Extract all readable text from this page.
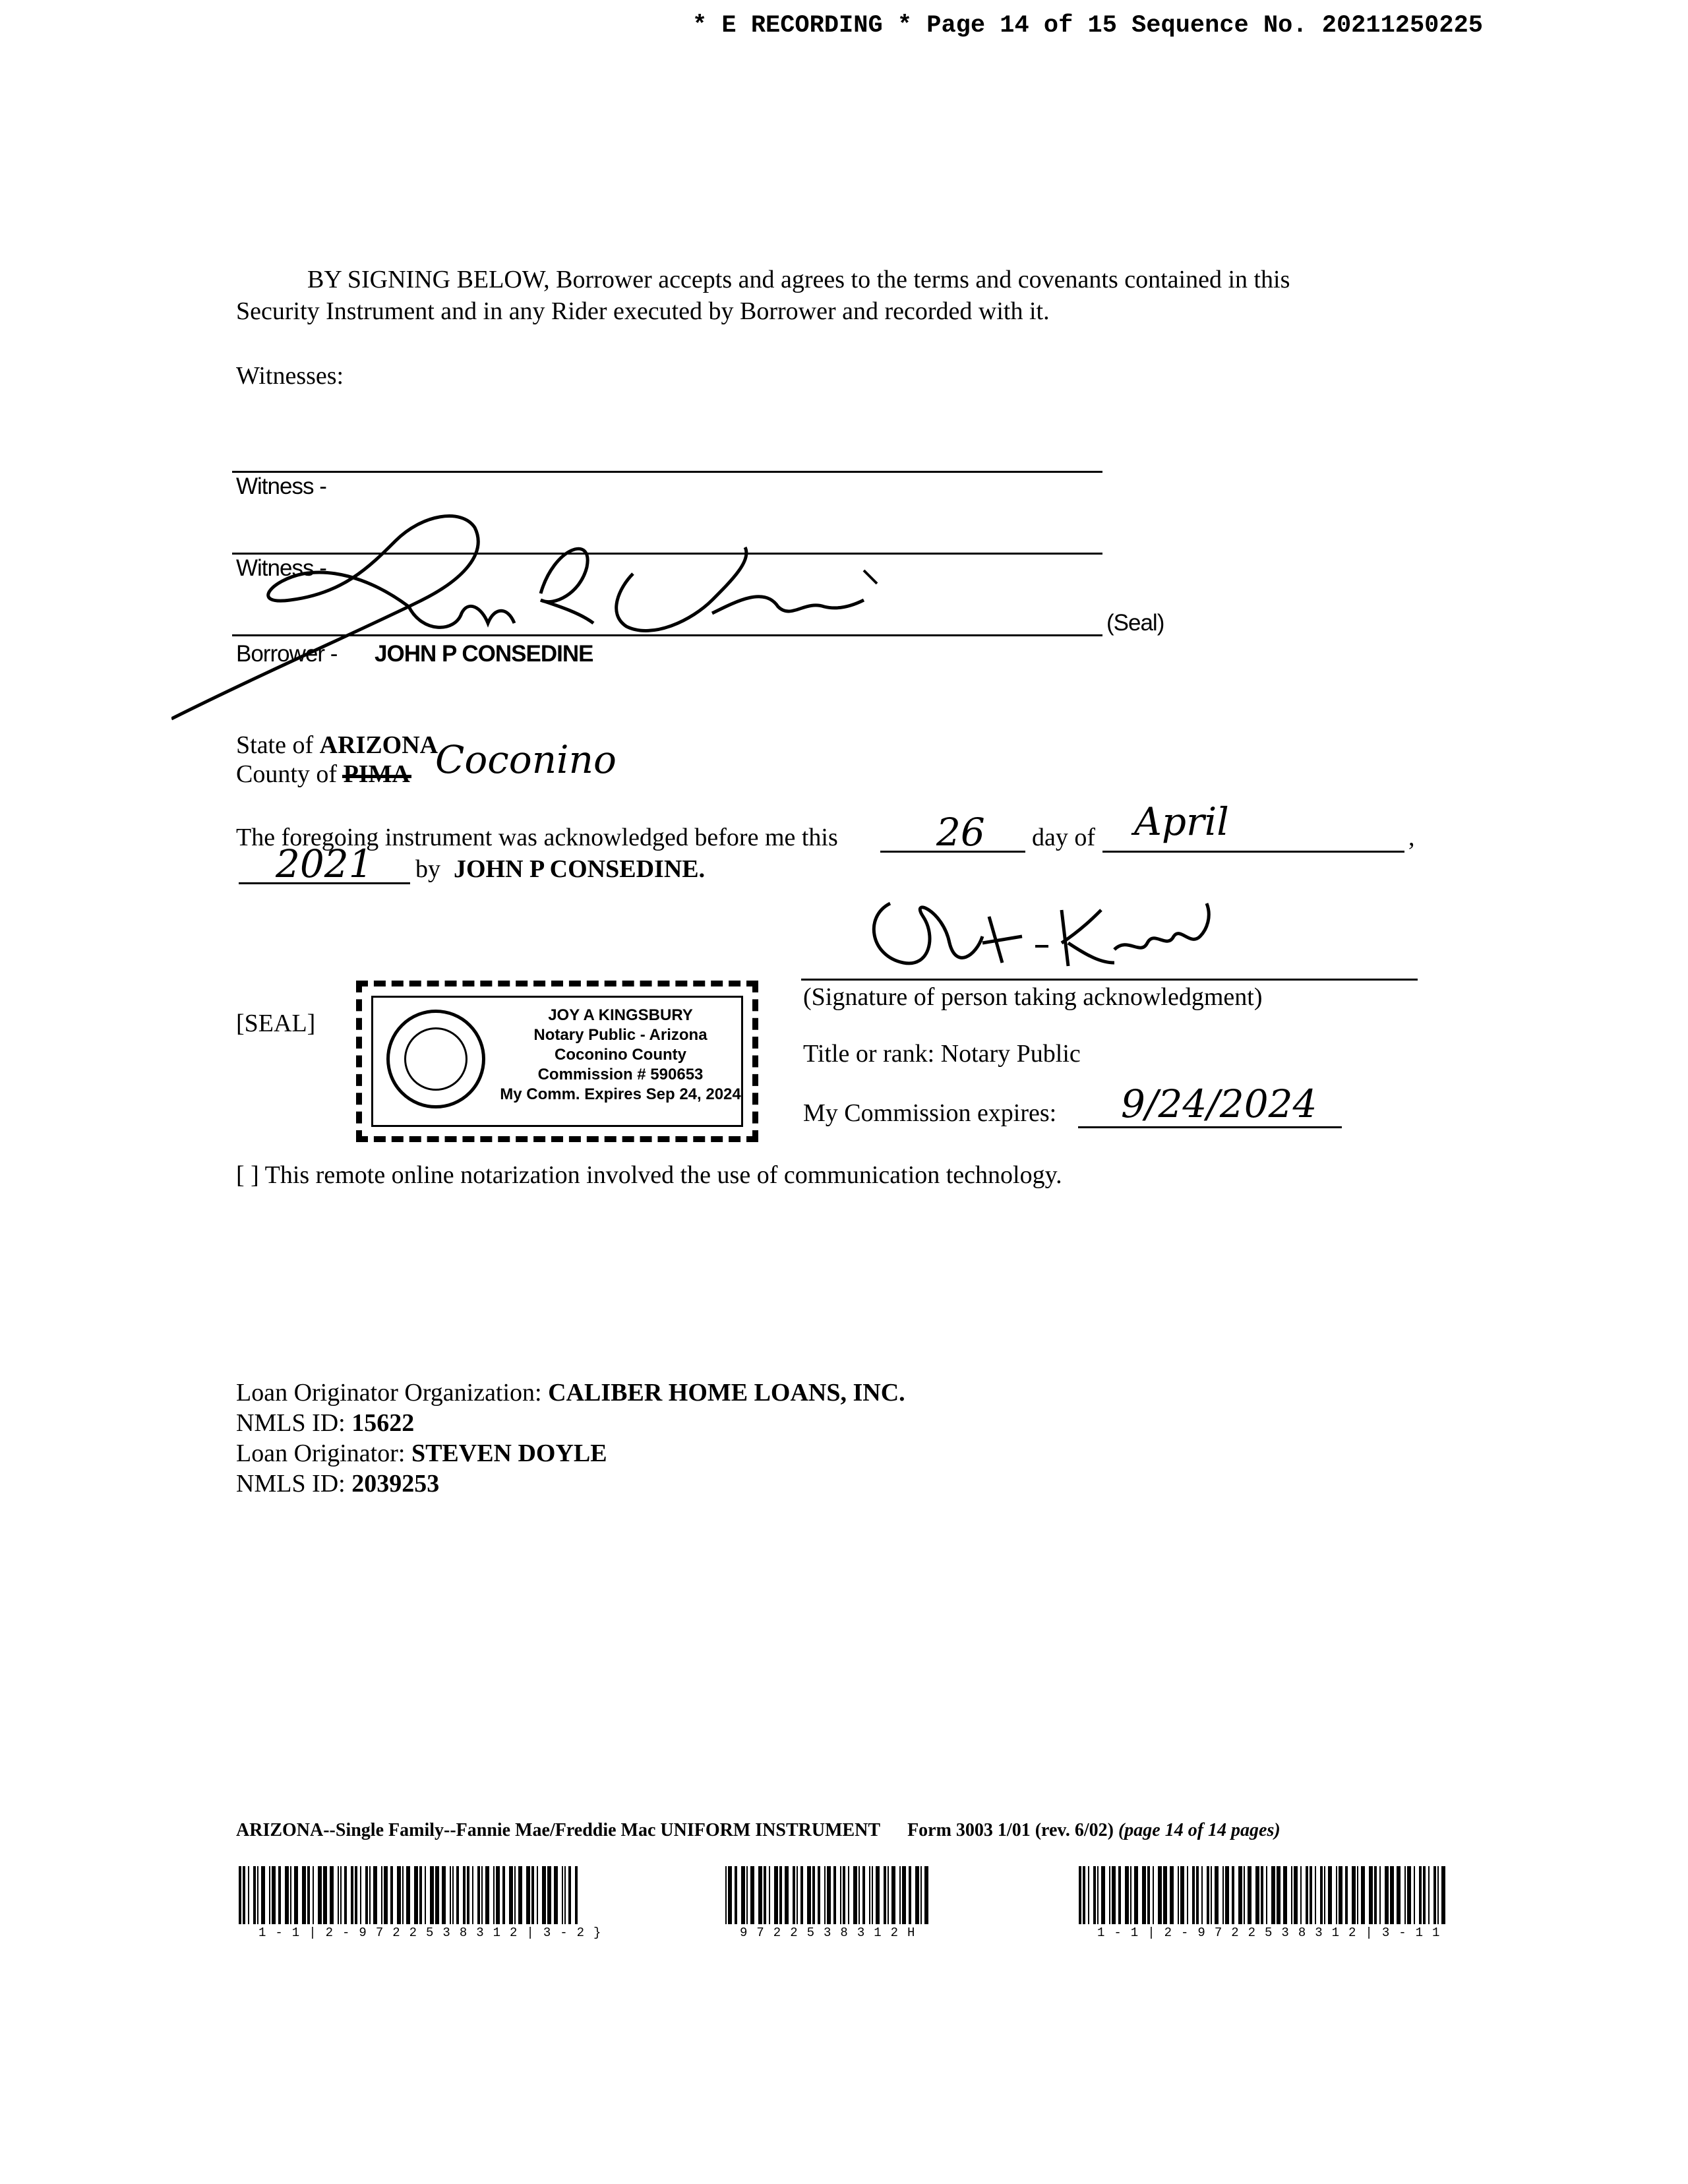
* E RECORDING * Page 14 of 15 Sequence No. 20211250225
BY SIGNING BELOW, Borrower accepts and agrees to the terms and covenants contained in this
Security Instrument and in any Rider executed by Borrower and recorded with it.
Witnesses:
Witness -
Witness -
(Seal)
Borrower - JOHN P CONSEDINE
State of ARIZONA
County of PIMA Coconino
The foregoing instrument was acknowledged before me this	26 day of April	,
2021 by JOHN P CONSEDINE.
(Signature of person taking acknowledgment)
[SEAL]	JOY A KINGSBURY
Notary Public - Arizona
Coconino County
Commission # 590653
My Comm. Expires Sep 24, 2024
Title or rank: Notary Public
My Commission expires: 9/24/2024
[ ] This remote online notarization involved the use of communication technology.
Loan Originator Organization: CALIBER HOME LOANS, INC.
NMLS ID: 15622
Loan Originator: STEVEN DOYLE
NMLS ID: 2039253
ARIZONA--Single Family--Fannie Mae/Freddie Mac UNIFORM INSTRUMENT Form 3003 1/01 (rev. 6/02) (page 14 of 14 pages)
1-1|2-9722538312|3-2}	9722538312H	1-1|2-9722538312|3-11
